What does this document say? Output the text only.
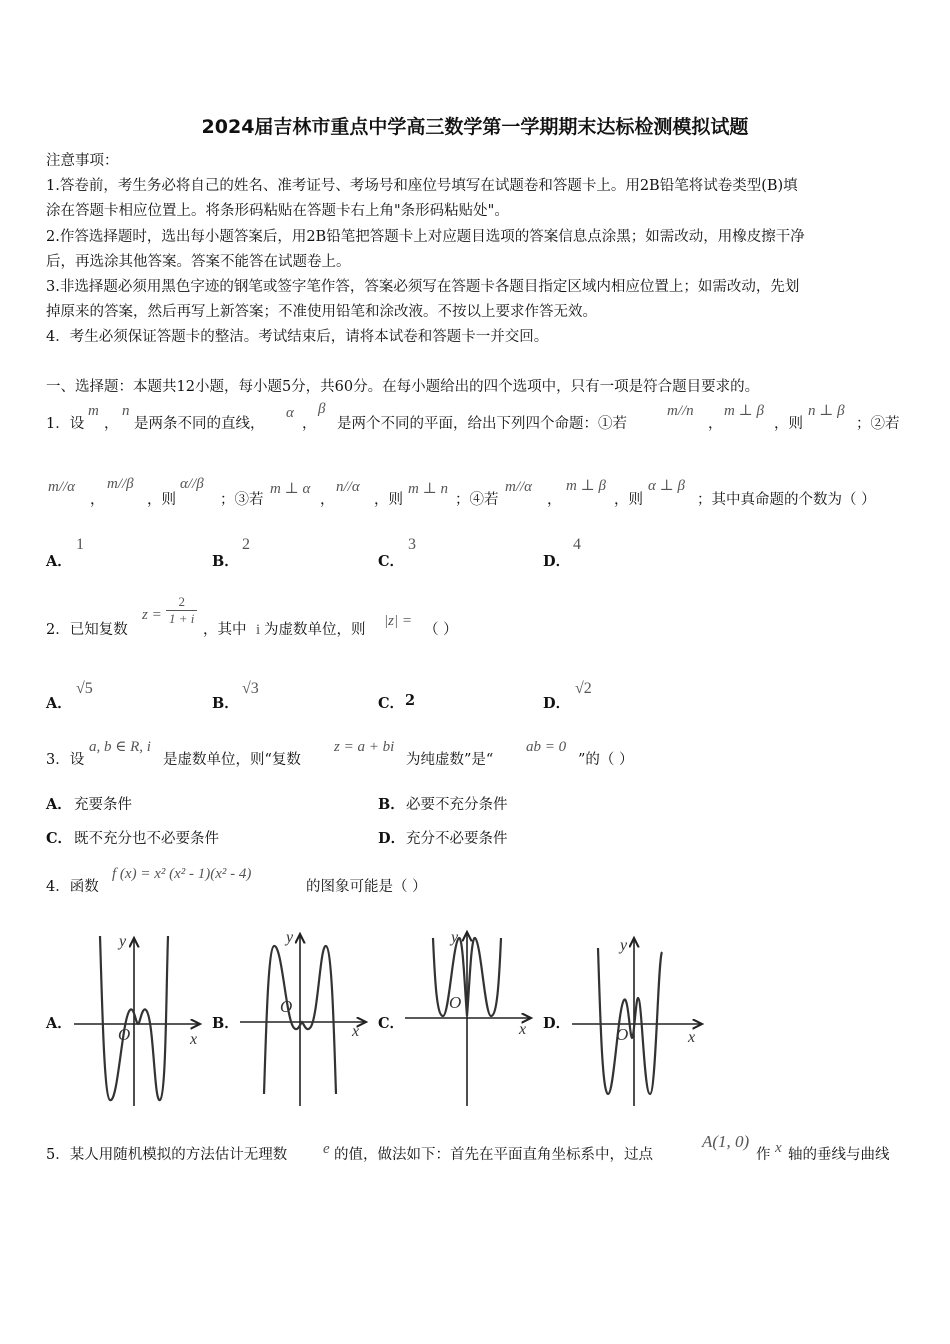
2024届吉林市重点中学高三数学第一学期期末达标检测模拟试题
注意事项：
1.答卷前，考生务必将自己的姓名、准考证号、考场号和座位号填写在试题卷和答题卡上。用2B铅笔将试卷类型(B)填
涂在答题卡相应位置上。将条形码粘贴在答题卡右上角"条形码粘贴处"。
2.作答选择题时，选出每小题答案后，用2B铅笔把答题卡上对应题目选项的答案信息点涂黑；如需改动，用橡皮擦干净
后，再选涂其他答案。答案不能答在试题卷上。
3.非选择题必须用黑色字迹的钢笔或签字笔作答，答案必须写在答题卡各题目指定区域内相应位置上；如需改动，先划
掉原来的答案，然后再写上新答案；不准使用铅笔和涂改液。不按以上要求作答无效。
4．考生必须保证答题卡的整洁。考试结束后，请将本试卷和答题卡一并交回。
一、选择题：本题共12小题，每小题5分，共60分。在每小题给出的四个选项中，只有一项是符合题目要求的。
1．设
m
，
n
是两条不同的直线，
α
，
β
是两个不同的平面，给出下列四个命题：①若
m//n
，
m ⊥ β
，则
n ⊥ β
；②若
m//α
，
m//β
，则
α//β
；③若
m ⊥ α
，
n//α
，则
m ⊥ n
；④若
m//α
，
m ⊥ β
，则
α ⊥ β
；其中真命题的个数为（ ）
A．
1
B．
2
C．
3
D．
4
2．已知复数
$z = \frac{2}{1 + i}$
，其中 i 为虚数单位，则
|z| =
（ ）
A．
√5
B．
√3
C． 2	D．
√2
3．设
a, b ∈ R, i
是虚数单位，则“复数
z = a + bi
为纯虚数”是“
ab = 0
”的（ ）
A． 充要条件	B． 必要不充分条件
C． 既不充分也不必要条件	D． 充分不必要条件
4．函数
f (x) = x² (x² - 1)(x² - 4)
的图象可能是（ ）
A．	B．	C．	D．
y
x
O
y
x
O
y
x
O
y
x
O
5．某人用随机模拟的方法估计无理数 e 的值，做法如下：首先在平面直角坐标系中，过点
A(1, 0)
作 x 轴的垂线与曲线
